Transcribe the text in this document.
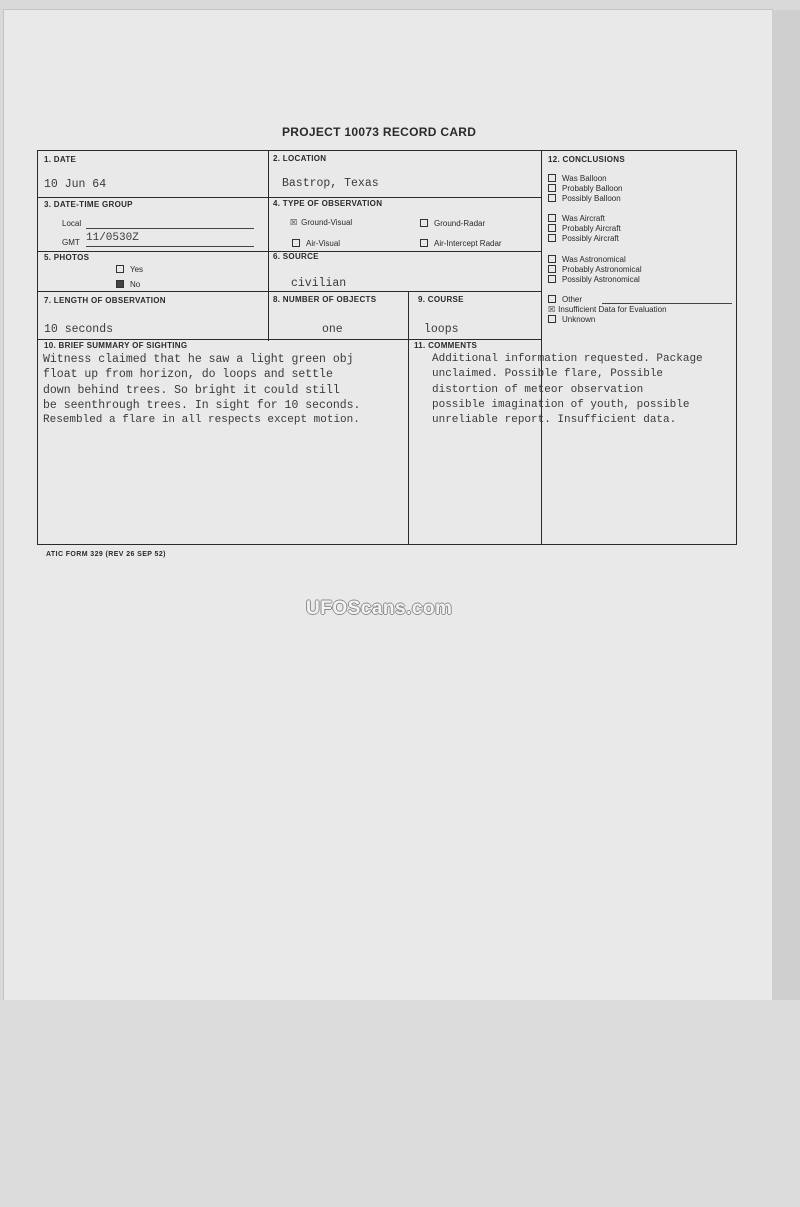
PROJECT 10073 RECORD CARD
1. DATE
10 Jun 64
2. LOCATION
Bastrop, Texas
3. DATE-TIME GROUP
Local
GMT 11/0530Z
4. TYPE OF OBSERVATION
☒ Ground-Visual	Ground-Radar
Air-Visual	Air-Intercept Radar
5. PHOTOS
Yes
No
6. SOURCE
civilian
7. LENGTH OF OBSERVATION
10 seconds
8. NUMBER OF OBJECTS
one
9. COURSE
loops
10. BRIEF SUMMARY OF SIGHTING
Witness claimed that he saw a light green obj
float up from horizon, do loops and settle
down behind trees. So bright it could still
be seenthrough trees. In sight for 10 seconds.
Resembled a flare in all respects except motion.
11. COMMENTS
Additional information requested. Package
unclaimed. Possible flare, Possible
distortion of meteor observation
possible imagination of youth, possible
unreliable report. Insufficient data.
12. CONCLUSIONS
Was Balloon
Probably Balloon
Possibly Balloon
Was Aircraft
Probably Aircraft
Possibly Aircraft
Was Astronomical
Probably Astronomical
Possibly Astronomical
Other
☒ Insufficient Data for Evaluation
Unknown
ATIC FORM 329 (REV 26 SEP 52)
UFOScans.com
